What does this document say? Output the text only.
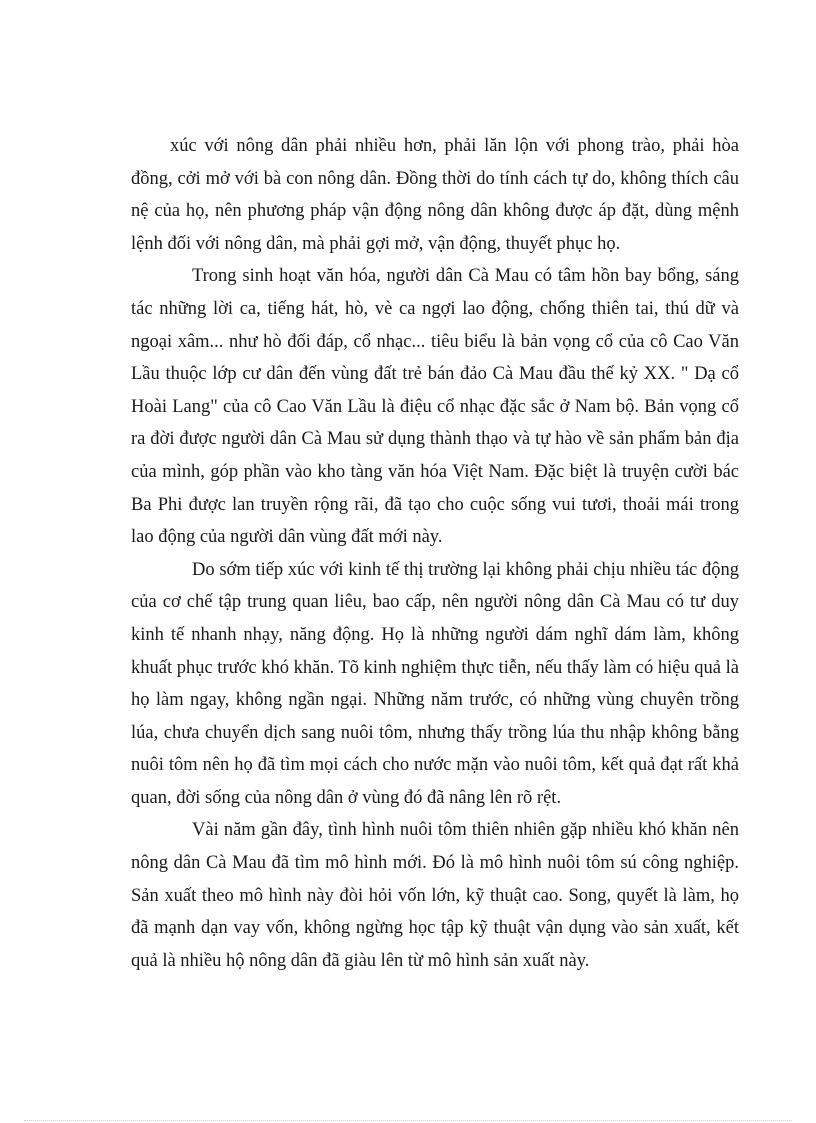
xúc với nông dân phải nhiều hơn, phải lăn lộn với phong trào, phải hòa đồng, cởi mở với bà con nông dân. Đồng thời do tính cách tự do, không thích câu nệ của họ, nên phương pháp vận động nông dân không được áp đặt, dùng mệnh lệnh đối với nông dân, mà phải gợi mở, vận động, thuyết phục họ.

Trong sinh hoạt văn hóa, người dân Cà Mau có tâm hồn bay bổng, sáng tác những lời ca, tiếng hát, hò, vè ca ngợi lao động, chống thiên tai, thú dữ và ngoại xâm... như hò đối đáp, cổ nhạc... tiêu biểu là bản vọng cổ của cô Cao Văn Lầu thuộc lớp cư dân đến vùng đất trẻ bán đảo Cà Mau đầu thế kỷ XX. " Dạ cổ Hoài Lang" của cô Cao Văn Lầu là điệu cổ nhạc đặc sắc ở Nam bộ. Bản vọng cổ ra đời được người dân Cà Mau sử dụng thành thạo và tự hào về sản phẩm bản địa của mình, góp phần vào kho tàng văn hóa Việt Nam. Đặc biệt là truyện cười bác Ba Phi được lan truyền rộng rãi, đã tạo cho cuộc sống vui tươi, thoải mái trong lao động của người dân vùng đất mới này.

Do sớm tiếp xúc với kinh tế thị trường lại không phải chịu nhiều tác động của cơ chế tập trung quan liêu, bao cấp, nên người nông dân Cà Mau có tư duy kinh tế nhanh nhạy, năng động. Họ là những người dám nghĩ dám làm, không khuất phục trước khó khăn. Tõ kinh nghiệm thực tiễn, nếu thấy làm có hiệu quả là họ làm ngay, không ngần ngại. Những năm trước, có những vùng chuyên trồng lúa, chưa chuyển dịch sang nuôi tôm, nhưng thấy trồng lúa thu nhập không bằng nuôi tôm nên họ đã tìm mọi cách cho nước mặn vào nuôi tôm, kết quả đạt rất khả quan, đời sống của nông dân ở vùng đó đã nâng lên rõ rệt.

Vài năm gần đây, tình hình nuôi tôm thiên nhiên gặp nhiều khó khăn nên nông dân Cà Mau đã tìm mô hình mới. Đó là mô hình nuôi tôm sú công nghiệp. Sản xuất theo mô hình này đòi hỏi vốn lớn, kỹ thuật cao. Song, quyết là làm, họ đã mạnh dạn vay vốn, không ngừng học tập kỹ thuật vận dụng vào sản xuất, kết quả là nhiều hộ nông dân đã giàu lên từ mô hình sản xuất này.
